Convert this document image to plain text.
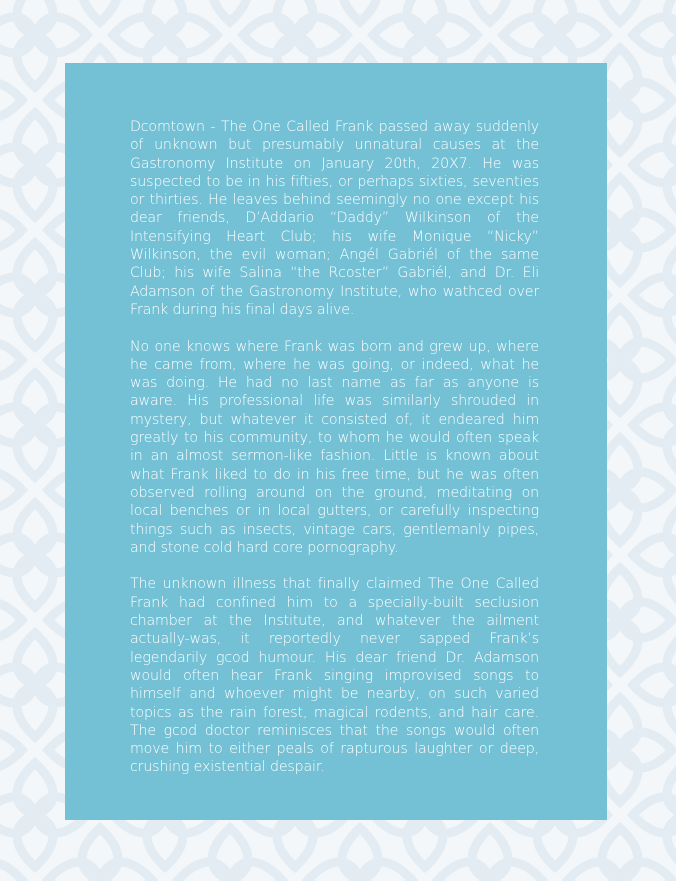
Dcomtown - The One Called Frank passed away suddenly of unknown but presumably unnatural causes at the Gastronomy Institute on January 20th, 20X7. He was suspected to be in his fifties, or perhaps sixties, seventies or thirties. He leaves behind seemingly no one except his dear friends, D’Addario “Daddy” Wilkinson of the Intensifying Heart Club; his wife Monique “Nicky” Wilkinson, the evil woman; Angél Gabriél of the same Club; his wife Salina “the Rcoster” Gabriél, and Dr. Eli Adamson of the Gastronomy Institute, who wathced over Frank during his final days alive.

No one knows where Frank was born and grew up, where he came from, where he was going, or indeed, what he was doing. He had no last name as far as anyone is aware. His professional life was similarly shrouded in mystery, but whatever it consisted of, it endeared him greatly to his community, to whom he would often speak in an almost sermon-like fashion. Little is known about what Frank liked to do in his free time, but he was often observed rolling around on the ground, meditating on local benches or in local gutters, or carefully inspecting things such as insects, vintage cars, gentlemanly pipes, and stone cold hard core pornography.

The unknown illness that finally claimed The One Called Frank had confined him to a specially-built seclusion chamber at the Institute, and whatever the ailment actually-was, it reportedly never sapped Frank’s legendarily gcod humour. His dear friend Dr. Adamson would often hear Frank singing improvised songs to himself and whoever might be nearby, on such varied topics as the rain forest, magical rodents, and hair care. The gcod doctor reminisces that the songs would often move him to either peals of rapturous laughter or deep, crushing existential despair.
